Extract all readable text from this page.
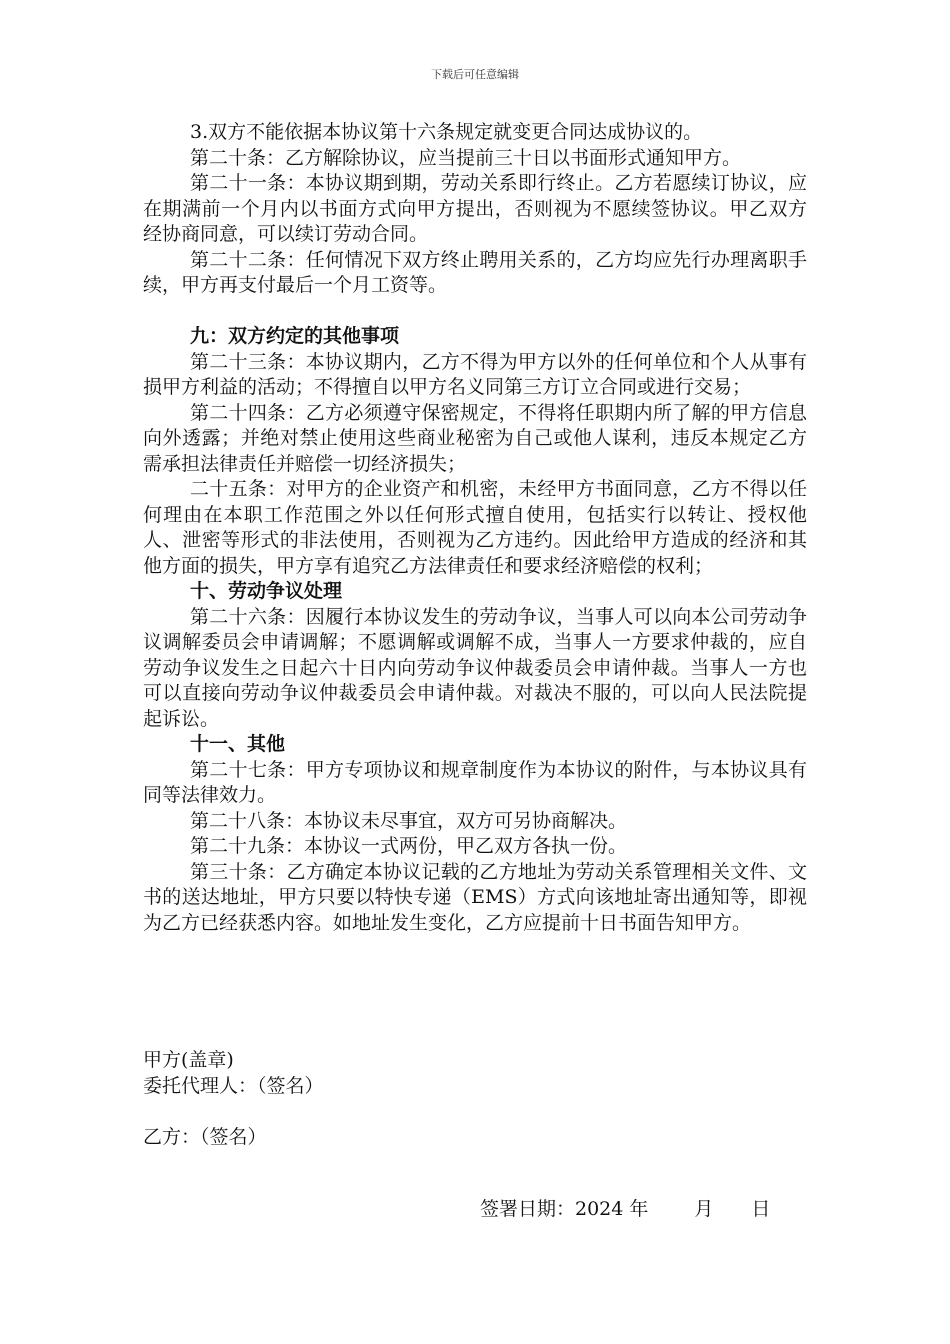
下载后可任意编辑

3.双方不能依据本协议第十六条规定就变更合同达成协议的。

第二十条：乙方解除协议，应当提前三十日以书面形式通知甲方。

第二十一条：本协议期到期，劳动关系即行终止。乙方若愿续订协议，应在期满前一个月内以书面方式向甲方提出，否则视为不愿续签协议。甲乙双方经协商同意，可以续订劳动合同。

第二十二条：任何情况下双方终止聘用关系的，乙方均应先行办理离职手续，甲方再支付最后一个月工资等。

九：双方约定的其他事项

第二十三条：本协议期内，乙方不得为甲方以外的任何单位和个人从事有损甲方利益的活动；不得擅自以甲方名义同第三方订立合同或进行交易；

第二十四条：乙方必须遵守保密规定，不得将任职期内所了解的甲方信息向外透露；并绝对禁止使用这些商业秘密为自己或他人谋利，违反本规定乙方需承担法律责任并赔偿一切经济损失；

二十五条：对甲方的企业资产和机密，未经甲方书面同意，乙方不得以任何理由在本职工作范围之外以任何形式擅自使用，包括实行以转让、授权他人、泄密等形式的非法使用，否则视为乙方违约。因此给甲方造成的经济和其他方面的损失，甲方享有追究乙方法律责任和要求经济赔偿的权利；

十、劳动争议处理

第二十六条：因履行本协议发生的劳动争议，当事人可以向本公司劳动争议调解委员会申请调解；不愿调解或调解不成，当事人一方要求仲裁的，应自劳动争议发生之日起六十日内向劳动争议仲裁委员会申请仲裁。当事人一方也可以直接向劳动争议仲裁委员会申请仲裁。对裁决不服的，可以向人民法院提起诉讼。

十一、其他

第二十七条：甲方专项协议和规章制度作为本协议的附件，与本协议具有同等法律效力。

第二十八条：本协议未尽事宜，双方可另协商解决。

第二十九条：本协议一式两份，甲乙双方各执一份。

第三十条：乙方确定本协议记载的乙方地址为劳动关系管理相关文件、文书的送达地址，甲方只要以特快专递（EMS）方式向该地址寄出通知等，即视为乙方已经获悉内容。如地址发生变化，乙方应提前十日书面告知甲方。

甲方(盖章)
委托代理人：（签名）
乙方：（签名）
签署日期：2024 年 月 日
